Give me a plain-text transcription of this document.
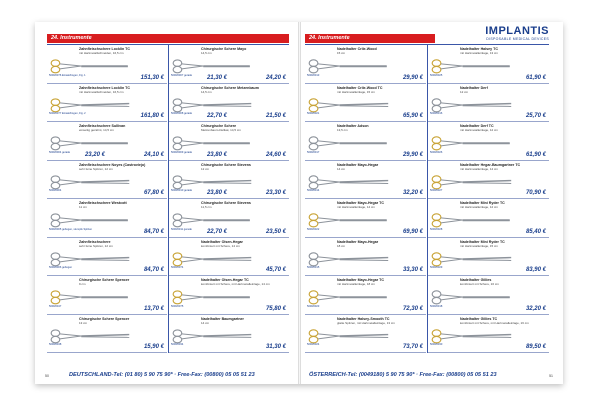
24. Instrumente
Zahnfleischschere Locklin TC
mit Hartmetallschneiden, 16,5 cm
5000/0076 Einsatzbogen, Fig. 1	151,30 €
Zahnfleischschere Locklin TC
mit Hartmetallschneiden, 16,5 cm
5000/0077 Einsatzbogen, Fig. 2	161,80 €
Zahnfleischschere Sullivan
einseitig gezahnt, 14,5 cm
5000/0004 gerade 23,20 €	24,10 €
Zahnfleischschere Noyes (Castroviejo)
sehr feine Spitzen, 12 cm
5000/0004	67,80 €
Zahnfleischschere Westcott
11 cm
5000/0005 gebogen, stumpfe Spitzen	84,70 €
Zahnfleischschere
sehr feine Spitzen, 12 cm
5000/0006 gebogen	84,70 €
Chirurgische Schere Spencer
9 cm
5000/0047	13,70 €
Chirurgische Schere Spencer
13 cm
5000/0048	15,90 €
Chirurgische Schere Mayo
14,5 cm
5000/0007 gerade 21,30 €	24,20 €
Chirurgische Schere Metzenbaum
14,5 cm
5000/0008 gerade 22,70 €	21,50 €
Chirurgische Schere
Metzenbaum-Delikat, 14,5 cm
5000/0009 gerade 23,80 €	24,60 €
Chirurgische Schere Stevens
12 cm
5000/0010 gerade 23,80 €	23,30 €
Chirurgische Schere Stevens
11,5 cm
5000/0011 gerade	22,70 €	23,50 €
Nadelhalter Olsen-Hegar
kombiniert mit Schere, 14 cm
5000/0074	45,70 €
Nadelhalter Olsen-Hegar TC
kombiniert mit Schere, mit Hartmetalleinlage, 14 cm
5000/0075	75,80 €
Nadelhalter Baumgartner
14 cm
5000/0034	31,30 €
DEUTSCHLAND-Tel: (01 80) 5 90 75 90* · Free-Fax: (00800) 05 05 51 23
50
IMPLANTIS
DISPOSABLE MEDICAL DEVICES
24. Instrumente
Nadelhalter Crile-Wood
15 cm
5000/0013	29,90 €
Nadelhalter Crile-Wood TC
mit Hartmetalleinlage, 15 cm
5000/0021	65,90 €
Nadelhalter Adson
13,5 cm
5000/0017	29,90 €
Nadelhalter Mayo-Hegar
14 cm
5000/0014	32,20 €
Nadelhalter Mayo-Hegar TC
mit Hartmetalleinlage, 14 cm
5000/0022	69,90 €
Nadelhalter Mayo-Hegar
18 cm
5000/0015	33,30 €
Nadelhalter Mayo-Hegar TC
mit Hartmetalleinlage, 18 cm
5000/0023	72,30 €
Nadelhalter Halsey-Smooth TC
glatte Spitzen, mit Hartmetalleinlage, 13 cm
5000/0024	73,70 €
Nadelhalter Halsey TC
mit Hartmetalleinlage, 13 cm
5000/0025	61,90 €
Nadelhalter Derf
12 cm
5000/0016	25,70 €
Nadelhalter Derf TC
mit Hartmetalleinlage, 12 cm
5000/0026	61,90 €
Nadelhalter Hegar-Baumgartner TC
mit Hartmetalleinlage, 14 cm
5000/0027	70,90 €
Nadelhalter Mini Ryder TC
mit Hartmetalleinlage, 12 cm
5000/0028	85,40 €
Nadelhalter Mini Ryder TC
mit Hartmetalleinlage, 15 cm
5000/0029	83,90 €
Nadelhalter Gillies
kombiniert mit Schere, 16 cm
5000/0018	32,20 €
Nadelhalter Gillies TC
kombiniert mit Schere, mit Hartmetalleinlage, 16 cm
5000/0030	89,50 €
ÖSTERREICH-Tel: (0049180) 5 90 75 90* · Free-Fax: (00800) 05 05 51 23	51
